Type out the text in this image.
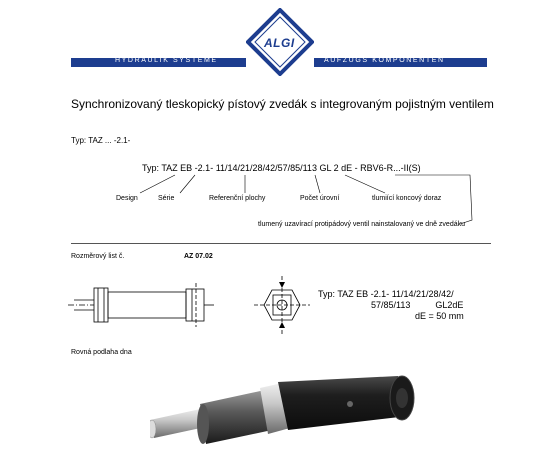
ALGI
HYDRAULIK SYSTEME	AUFZUGS KOMPONENTEN
Synchronizovaný tleskopický pístový zvedák s integrovaným pojistným ventilem
Typ: TAZ ... -2.1-
Typ: TAZ EB -2.1- 11/14/21/28/42/57/85/113 GL 2 dE - RBV6-R...-II(S)
Design	Série	Referenční plochy	Počet úrovní	tlumiící koncový doraz
tlumený uzavírací protipádový ventil nainstalovaný ve dně zvedáku
Rozměrový list č.	AZ 07.02
Typ: TAZ EB -2.1- 11/14/21/28/42/
57/85/113          GL2dE
dE = 50 mm
Rovná podlaha dna
